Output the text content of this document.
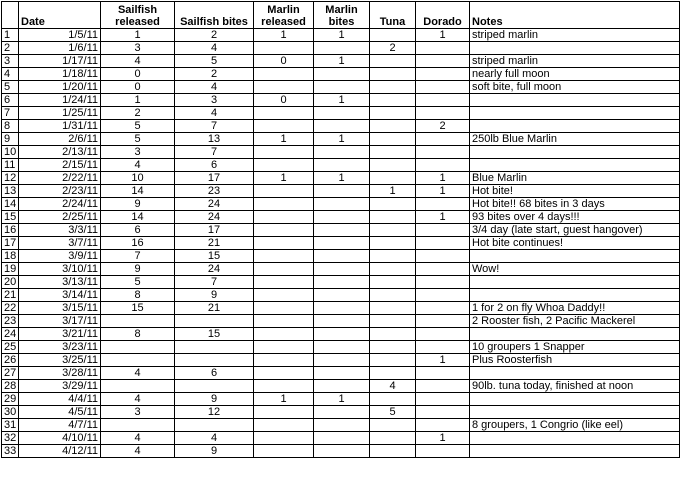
	Date	Sailfish released	Sailfish bites	Marlin released	Marlin bites	Tuna	Dorado	Notes
1	1/5/11	1	2	1	1		1	striped marlin
2	1/6/11	3	4			2		
3	1/17/11	4	5	0	1			striped marlin
4	1/18/11	0	2					nearly full moon
5	1/20/11	0	4					soft bite, full moon
6	1/24/11	1	3	0	1			
7	1/25/11	2	4					
8	1/31/11	5	7				2	
9	2/6/11	5	13	1	1			250lb Blue Marlin
10	2/13/11	3	7					
11	2/15/11	4	6					
12	2/22/11	10	17	1	1		1	Blue Marlin
13	2/23/11	14	23			1	1	Hot bite!
14	2/24/11	9	24					Hot bite!! 68 bites in 3 days
15	2/25/11	14	24				1	93 bites over 4 days!!!
16	3/3/11	6	17					3/4 day (late start, guest hangover)
17	3/7/11	16	21					Hot bite continues!
18	3/9/11	7	15					
19	3/10/11	9	24					Wow!
20	3/13/11	5	7					
21	3/14/11	8	9					
22	3/15/11	15	21					1 for 2 on fly Whoa Daddy!!
23	3/17/11							2 Rooster fish, 2 Pacific Mackerel
24	3/21/11	8	15					
25	3/23/11							10 groupers 1 Snapper
26	3/25/11						1	Plus Roosterfish
27	3/28/11	4	6					
28	3/29/11					4		90lb. tuna today, finished at noon
29	4/4/11	4	9	1	1			
30	4/5/11	3	12			5		
31	4/7/11							8 groupers, 1 Congrio (like eel)
32	4/10/11	4	4				1	
33	4/12/11	4	9					
